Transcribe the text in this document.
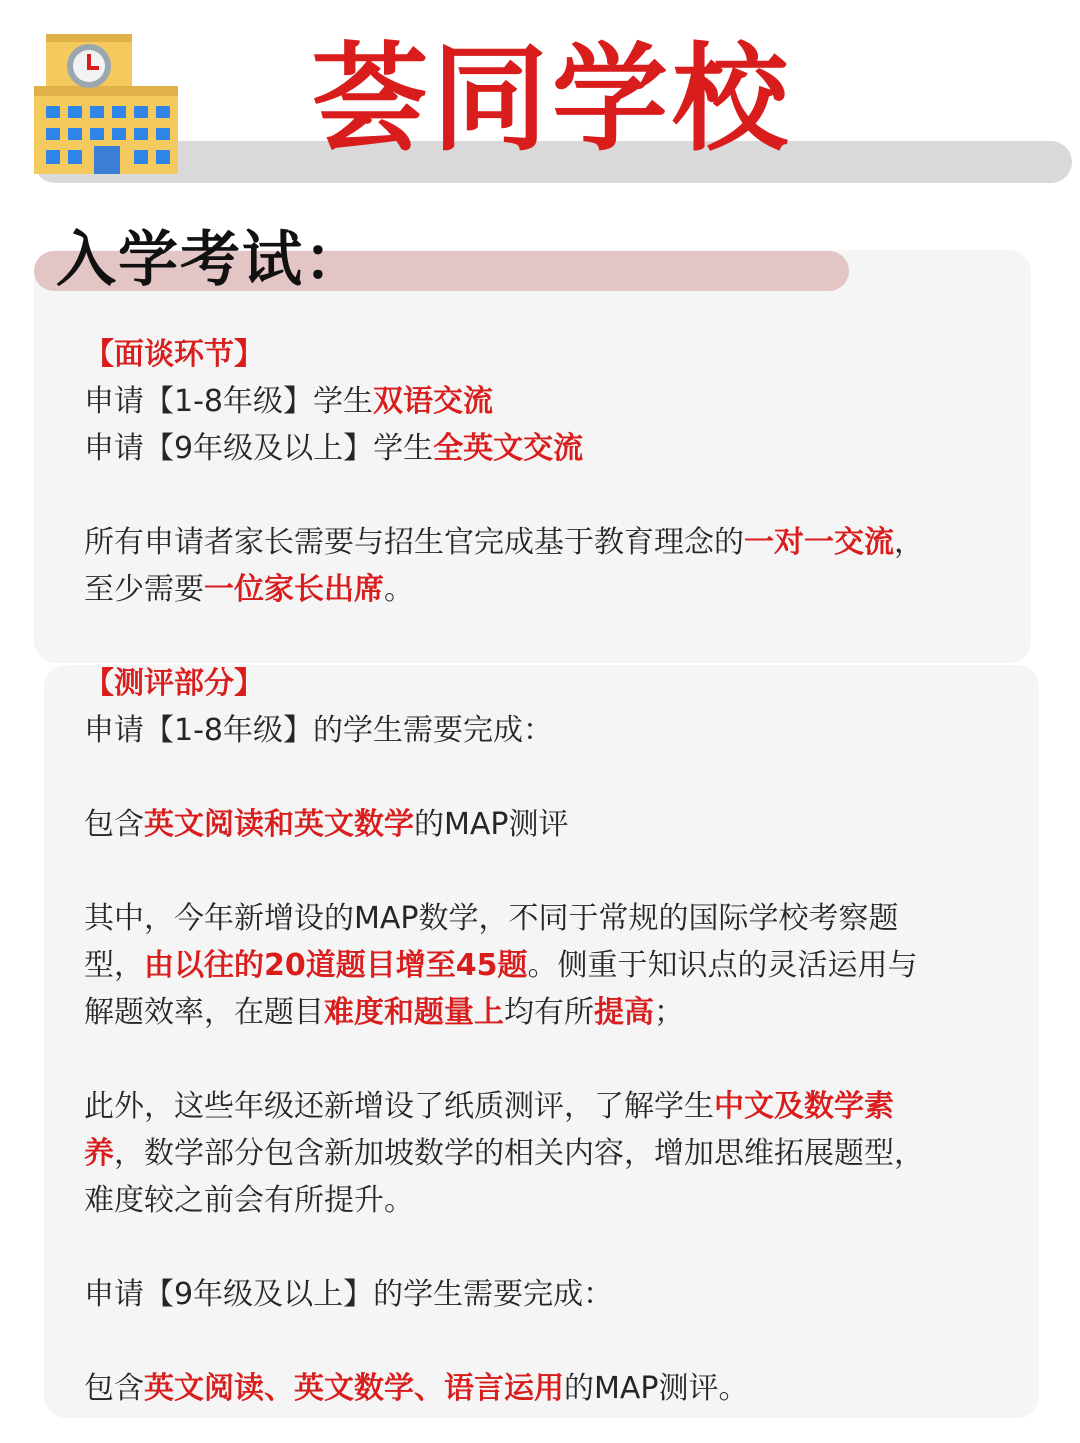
荟同学校
入学考试：
【面谈环节】
申请【1-8年级】学生双语交流
申请【9年级及以上】学生全英文交流
所有申请者家长需要与招生官完成基于教育理念的一对一交流，
至少需要一位家长出席。
【测评部分】
申请【1-8年级】的学生需要完成：
包含英文阅读和英文数学的MAP测评
其中，今年新增设的MAP数学，不同于常规的国际学校考察题
型，由以往的20道题目增至45题。侧重于知识点的灵活运用与
解题效率，在题目难度和题量上均有所提高；
此外，这些年级还新增设了纸质测评，了解学生中文及数学素
养，数学部分包含新加坡数学的相关内容，增加思维拓展题型，
难度较之前会有所提升。
申请【9年级及以上】的学生需要完成：
包含英文阅读、英文数学、语言运用的MAP测评。
